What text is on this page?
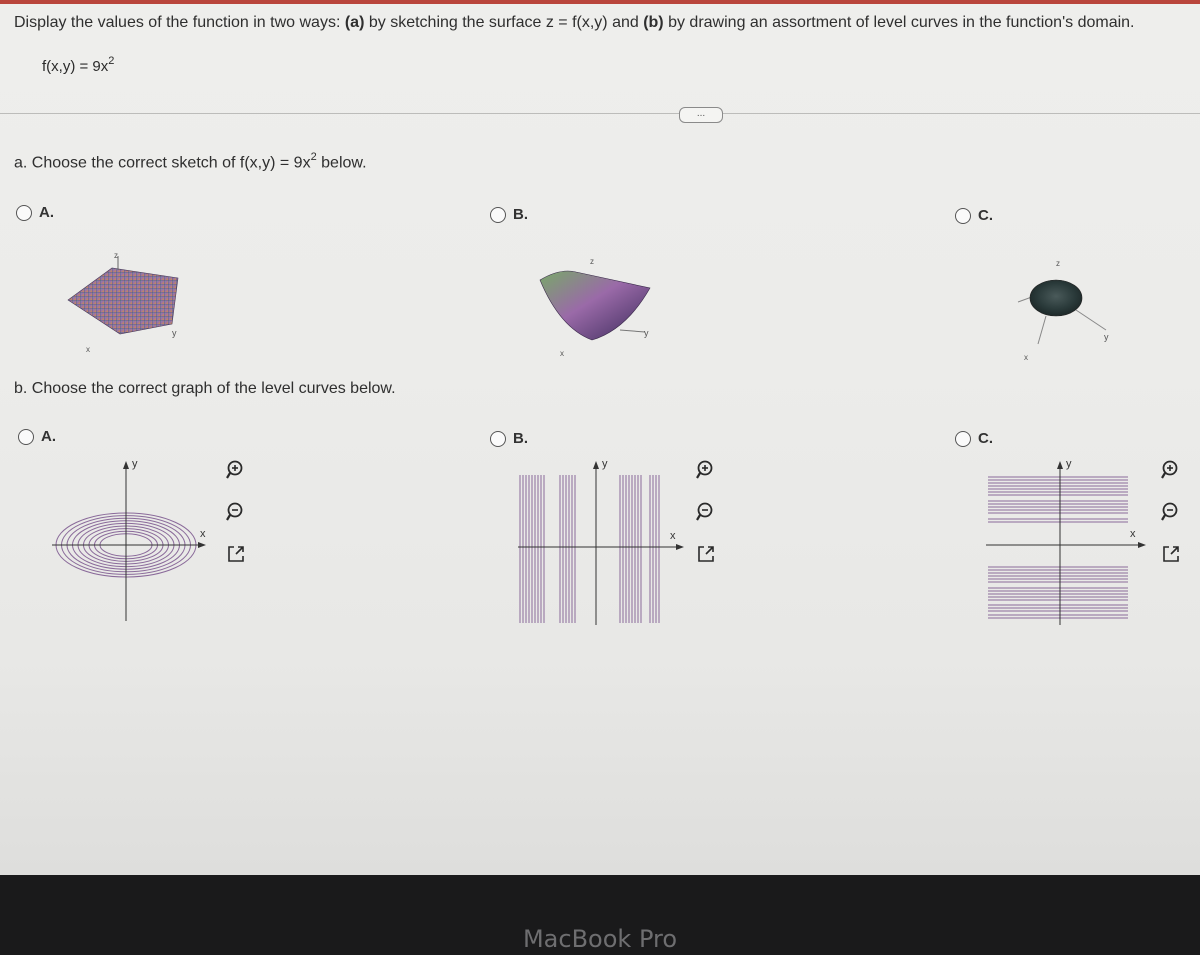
Display the values of the function in two ways: (a) by sketching the surface z = f(x,y) and (b) by drawing an assortment of level curves in the function's domain.
$f(x,y) = 9x^2$
...
a. Choose the correct sketch of $f(x,y) = 9x^2$ below.
A.	B.	C.
z
x
y
z
x
y
z
x
y
b. Choose the correct graph of the level curves below.
A.	B.	C.
y
x
y
x
y
x
MacBook Pro
